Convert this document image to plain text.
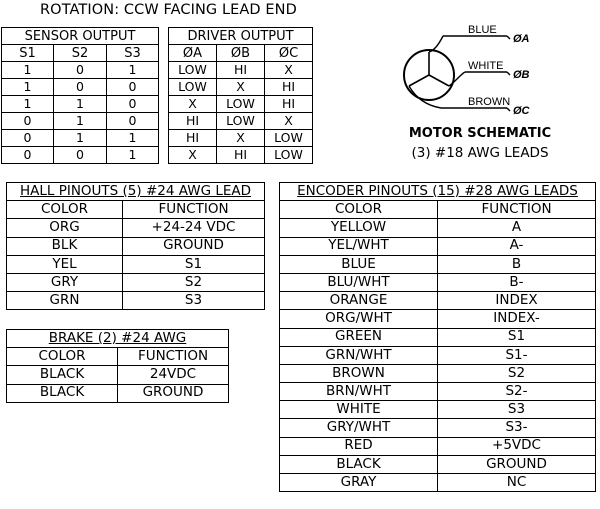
ROTATION: CCW FACING LEAD END
SENSOR OUTPUT		
S1	S2	S3
1	0	1
1	0	0
1	1	0
0	1	0
0	1	1
0	0	1
DRIVER OUTPUT		
ØA	ØB	ØC
LOW	HI	X
LOW	X	HI
X	LOW	HI
HI	LOW	X
HI	X	LOW
X	HI	LOW
BLUE
WHITE
BROWN
ØA
ØB
ØC
MOTOR SCHEMATIC
(3) #18 AWG LEADS
HALL PINOUTS (5) #24 AWG LEAD	
COLOR	FUNCTION
ORG	+24-24 VDC
BLK	GROUND
YEL	S1
GRY	S2
GRN	S3
BRAKE (2) #24 AWG	
COLOR	FUNCTION
BLACK	24VDC
BLACK	GROUND
ENCODER PINOUTS (15) #28 AWG LEADS	
COLOR	FUNCTION
YELLOW	A
YEL/WHT	A-
BLUE	B
BLU/WHT	B-
ORANGE	INDEX
ORG/WHT	INDEX-
GREEN	S1
GRN/WHT	S1-
BROWN	S2
BRN/WHT	S2-
WHITE	S3
GRY/WHT	S3-
RED	+5VDC
BLACK	GROUND
GRAY	NC
